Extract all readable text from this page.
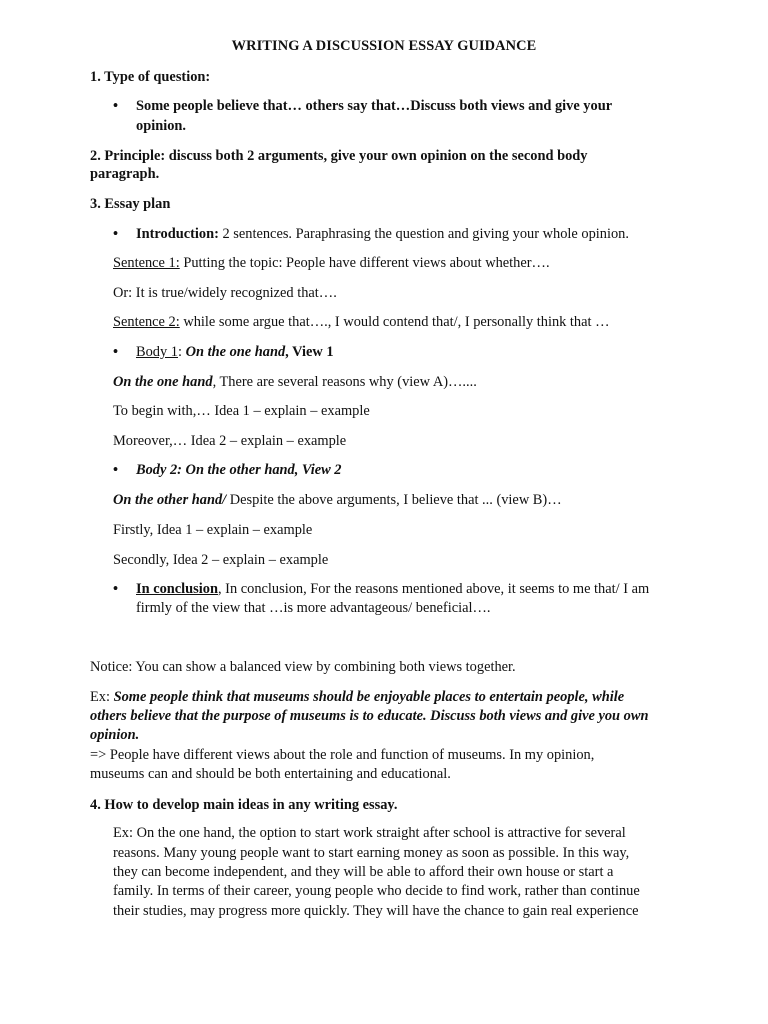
WRITING A DISCUSSION ESSAY GUIDANCE
1. Type of question:
• Some people believe that… others say that…Discuss both views and give your
opinion.
2. Principle: discuss both 2 arguments, give your own opinion on the second body
paragraph.
3. Essay plan
• Introduction: 2 sentences. Paraphrasing the question and giving your whole opinion.
Sentence 1: Putting the topic: People have different views about whether….
Or: It is true/widely recognized that….
Sentence 2: while some argue that…., I would contend that/, I personally think that …
• Body 1: On the one hand, View 1
On the one hand, There are several reasons why (view A)…....
To begin with,… Idea 1 – explain – example
Moreover,… Idea 2 – explain – example
• Body 2: On the other hand, View 2
On the other hand/ Despite the above arguments, I believe that ... (view B)…
Firstly, Idea 1 – explain – example
Secondly, Idea 2 – explain – example
• In conclusion, In conclusion, For the reasons mentioned above, it seems to me that/ I am
firmly of the view that …is more advantageous/ beneficial….
Notice: You can show a balanced view by combining both views together.
Ex: Some people think that museums should be enjoyable places to entertain people, while
others believe that the purpose of museums is to educate. Discuss both views and give you own
opinion.
=> People have different views about the role and function of museums. In my opinion,
museums can and should be both entertaining and educational.
4. How to develop main ideas in any writing essay.
Ex: On the one hand, the option to start work straight after school is attractive for several
reasons. Many young people want to start earning money as soon as possible. In this way,
they can become independent, and they will be able to afford their own house or start a
family. In terms of their career, young people who decide to find work, rather than continue
their studies, may progress more quickly. They will have the chance to gain real experience
